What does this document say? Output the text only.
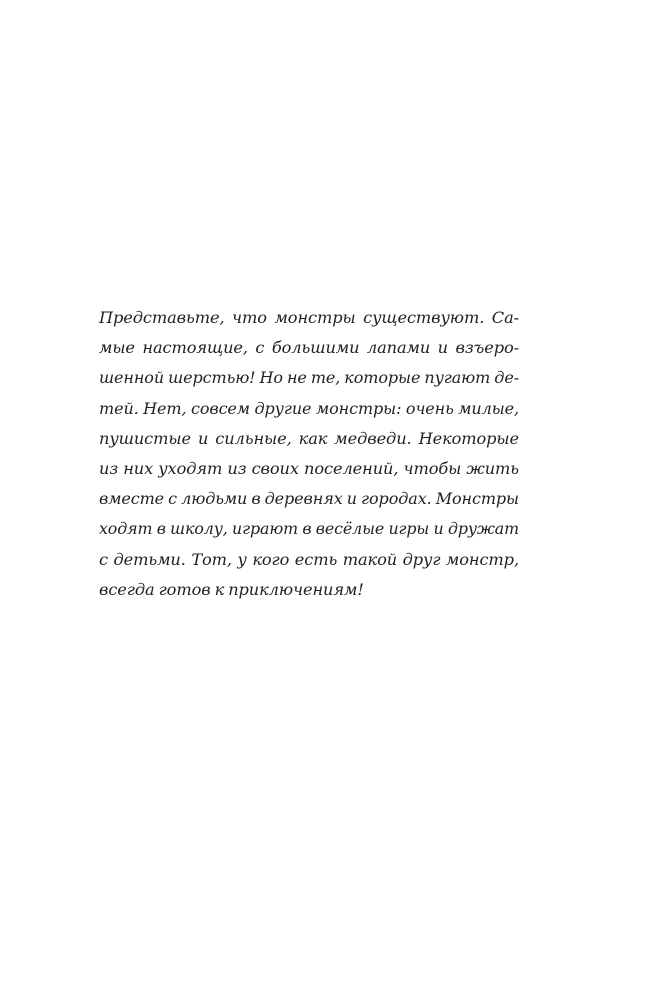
Представьте, что монстры существуют. Са-
мые настоящие, с большими лапами и взъеро-
шенной шерстью! Но не те, которые пугают де-
тей. Нет, совсем другие монстры: очень милые,
пушистые и сильные, как медведи. Некоторые
из них уходят из своих поселений, чтобы жить
вместе с людьми в деревнях и городах. Монстры
ходят в школу, играют в весёлые игры и дружат
с детьми. Тот, у кого есть такой друг монстр,
всегда готов к приключениям!
